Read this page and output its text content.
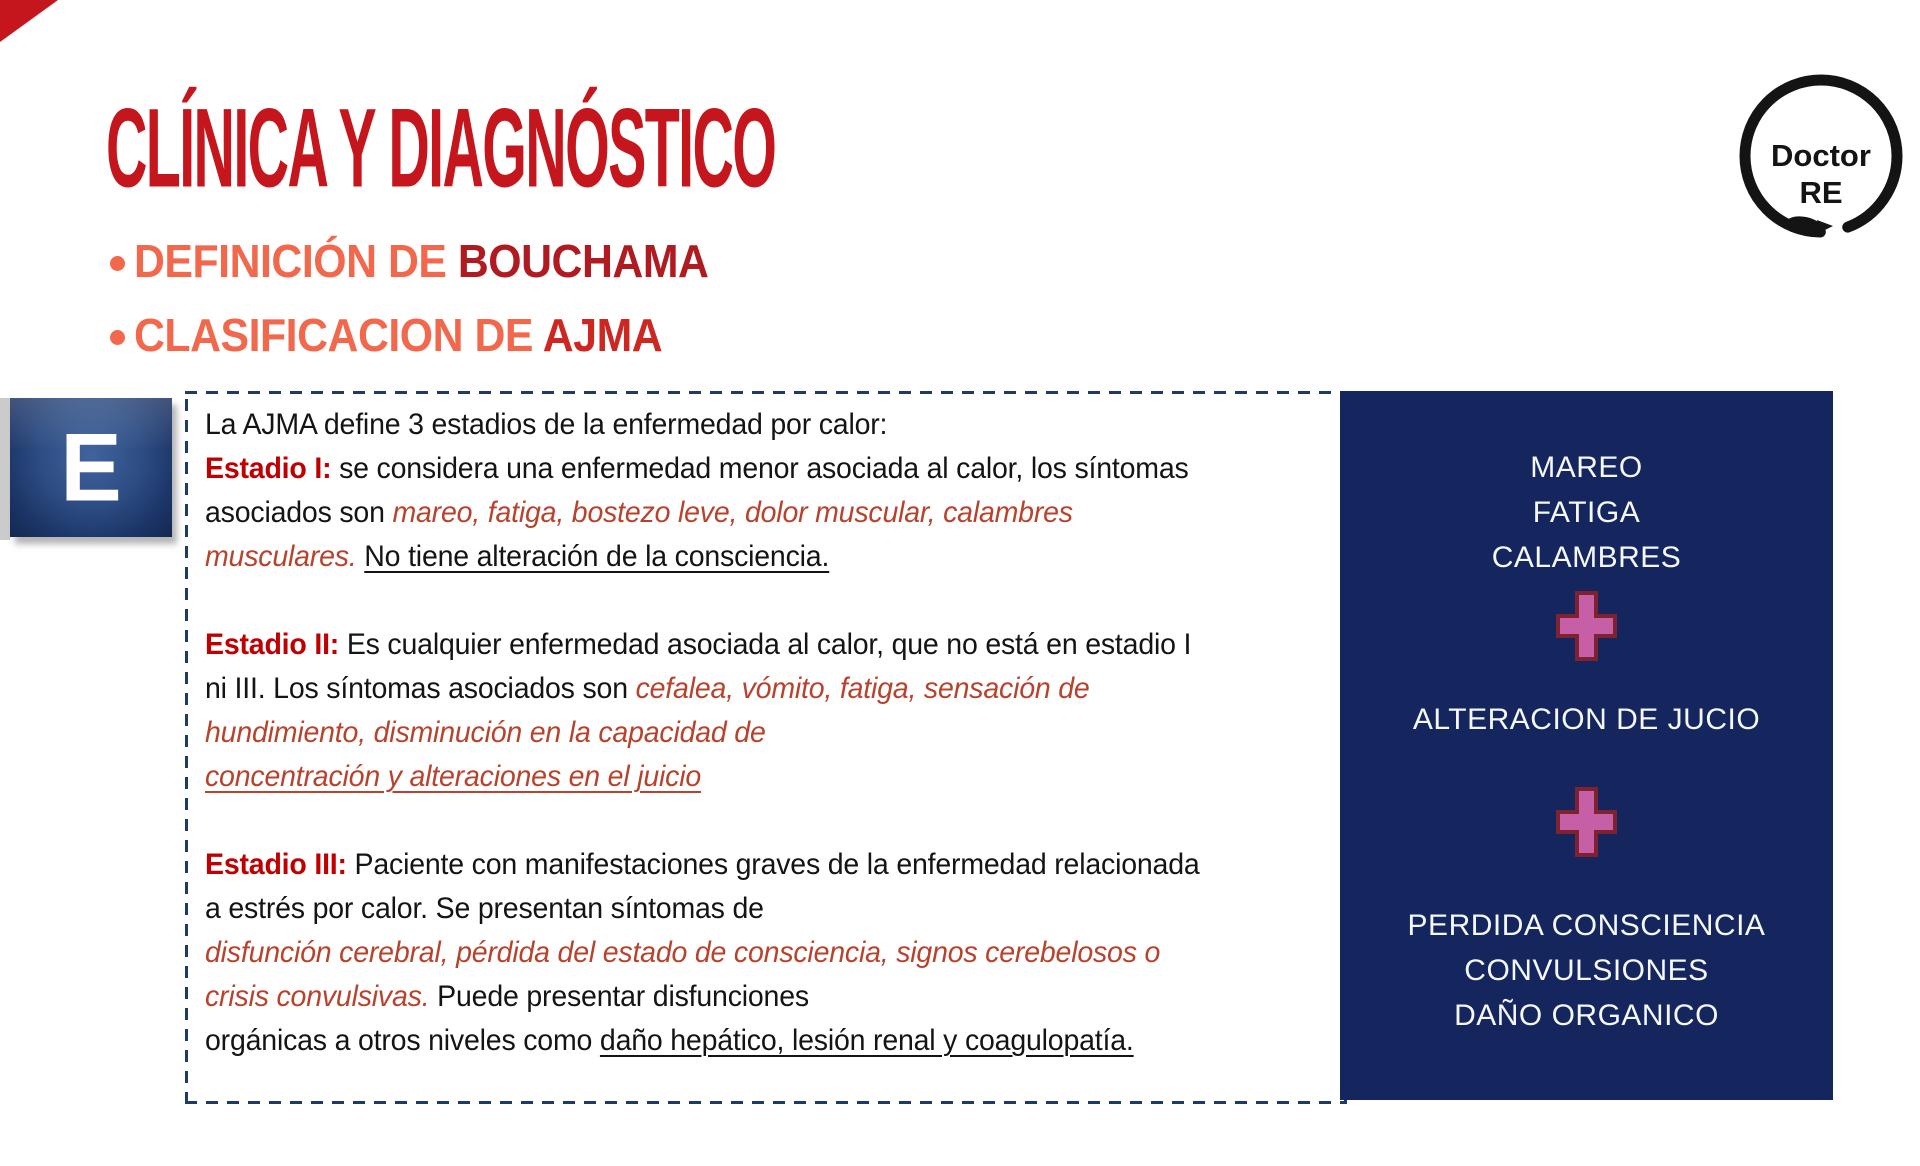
CLÍNICA Y DIAGNÓSTICO
DEFINICIÓN DE BOUCHAMA
CLASIFICACION DE AJMA
Doctor
RE
E	La AJMA define 3 estadios de la enfermedad por calor:
Estadio I: se considera una enfermedad menor asociada al calor, los síntomas
asociados son mareo, fatiga, bostezo leve, dolor muscular, calambres
musculares. No tiene alteración de la consciencia.

Estadio II: Es cualquier enfermedad asociada al calor, que no está en estadio I
ni III. Los síntomas asociados son cefalea, vómito, fatiga, sensación de
hundimiento, disminución en la capacidad de
concentración y alteraciones en el juicio

Estadio III: Paciente con manifestaciones graves de la enfermedad relacionada
a estrés por calor. Se presentan síntomas de
disfunción cerebral, pérdida del estado de consciencia, signos cerebelosos o
crisis convulsivas. Puede presentar disfunciones
orgánicas a otros niveles como daño hepático, lesión renal y coagulopatía.
MAREO
FATIGA
CALAMBRES
ALTERACION DE JUCIO
PERDIDA CONSCIENCIA
CONVULSIONES
DAÑO ORGANICO
